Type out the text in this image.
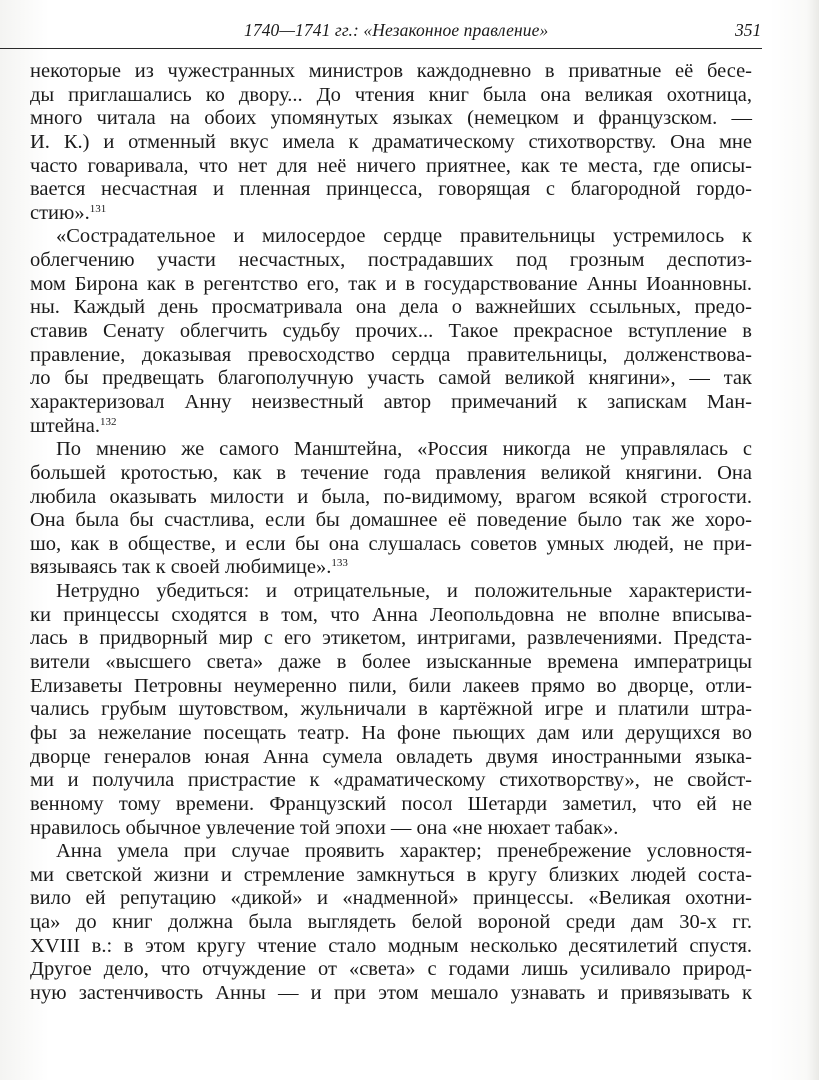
1740—1741 гг.: «Незаконное правление»	351
некоторые из чужестранных министров каждодневно в приватные её бесе-
ды приглашались ко двору... До чтения книг была она великая охотница,
много читала на обоих упомянутых языках (немецком и французском. —
И. К.) и отменный вкус имела к драматическому стихотворству. Она мне
часто говаривала, что нет для неё ничего приятнее, как те места, где описы-
вается несчастная и пленная принцесса, говорящая с благородной гордо-
стию».$^{131}$
«Сострадательное и милосердое сердце правительницы устремилось к
облегчению участи несчастных, пострадавших под грозным деспотиз-
мом Бирона как в регентство его, так и в государствование Анны Иоанновны.
ны. Каждый день просматривала она дела о важнейших ссыльных, предо-
ставив Сенату облегчить судьбу прочих... Такое прекрасное вступление в
правление, доказывая превосходство сердца правительницы, долженствова-
ло бы предвещать благополучную участь самой великой княгини», — так
характеризовал Анну неизвестный автор примечаний к запискам Ман-
штейна.$^{132}$
По мнению же самого Манштейна, «Россия никогда не управлялась с
большей кротостью, как в течение года правления великой княгини. Она
любила оказывать милости и была, по-видимому, врагом всякой строгости.
Она была бы счастлива, если бы домашнее её поведение было так же хоро-
шо, как в обществе, и если бы она слушалась советов умных людей, не при-
вязываясь так к своей любимице».$^{133}$
Нетрудно убедиться: и отрицательные, и положительные характеристи-
ки принцессы сходятся в том, что Анна Леопольдовна не вполне вписыва-
лась в придворный мир с его этикетом, интригами, развлечениями. Предста-
вители «высшего света» даже в более изысканные времена императрицы
Елизаветы Петровны неумеренно пили, били лакеев прямо во дворце, отли-
чались грубым шутовством, жульничали в картёжной игре и платили штра-
фы за нежелание посещать театр. На фоне пьющих дам или дерущихся во
дворце генералов юная Анна сумела овладеть двумя иностранными языка-
ми и получила пристрастие к «драматическому стихотворству», не свойст-
венному тому времени. Французский посол Шетарди заметил, что ей не
нравилось обычное увлечение той эпохи — она «не нюхает табак».
Анна умела при случае проявить характер; пренебрежение условностя-
ми светской жизни и стремление замкнуться в кругу близких людей соста-
вило ей репутацию «дикой» и «надменной» принцессы. «Великая охотни-
ца» до книг должна была выглядеть белой вороной среди дам 30-х гг.
XVIII в.: в этом кругу чтение стало модным несколько десятилетий спустя.
Другое дело, что отчуждение от «света» с годами лишь усиливало природ-
ную застенчивость Анны — и при этом мешало узнавать и привязывать к
